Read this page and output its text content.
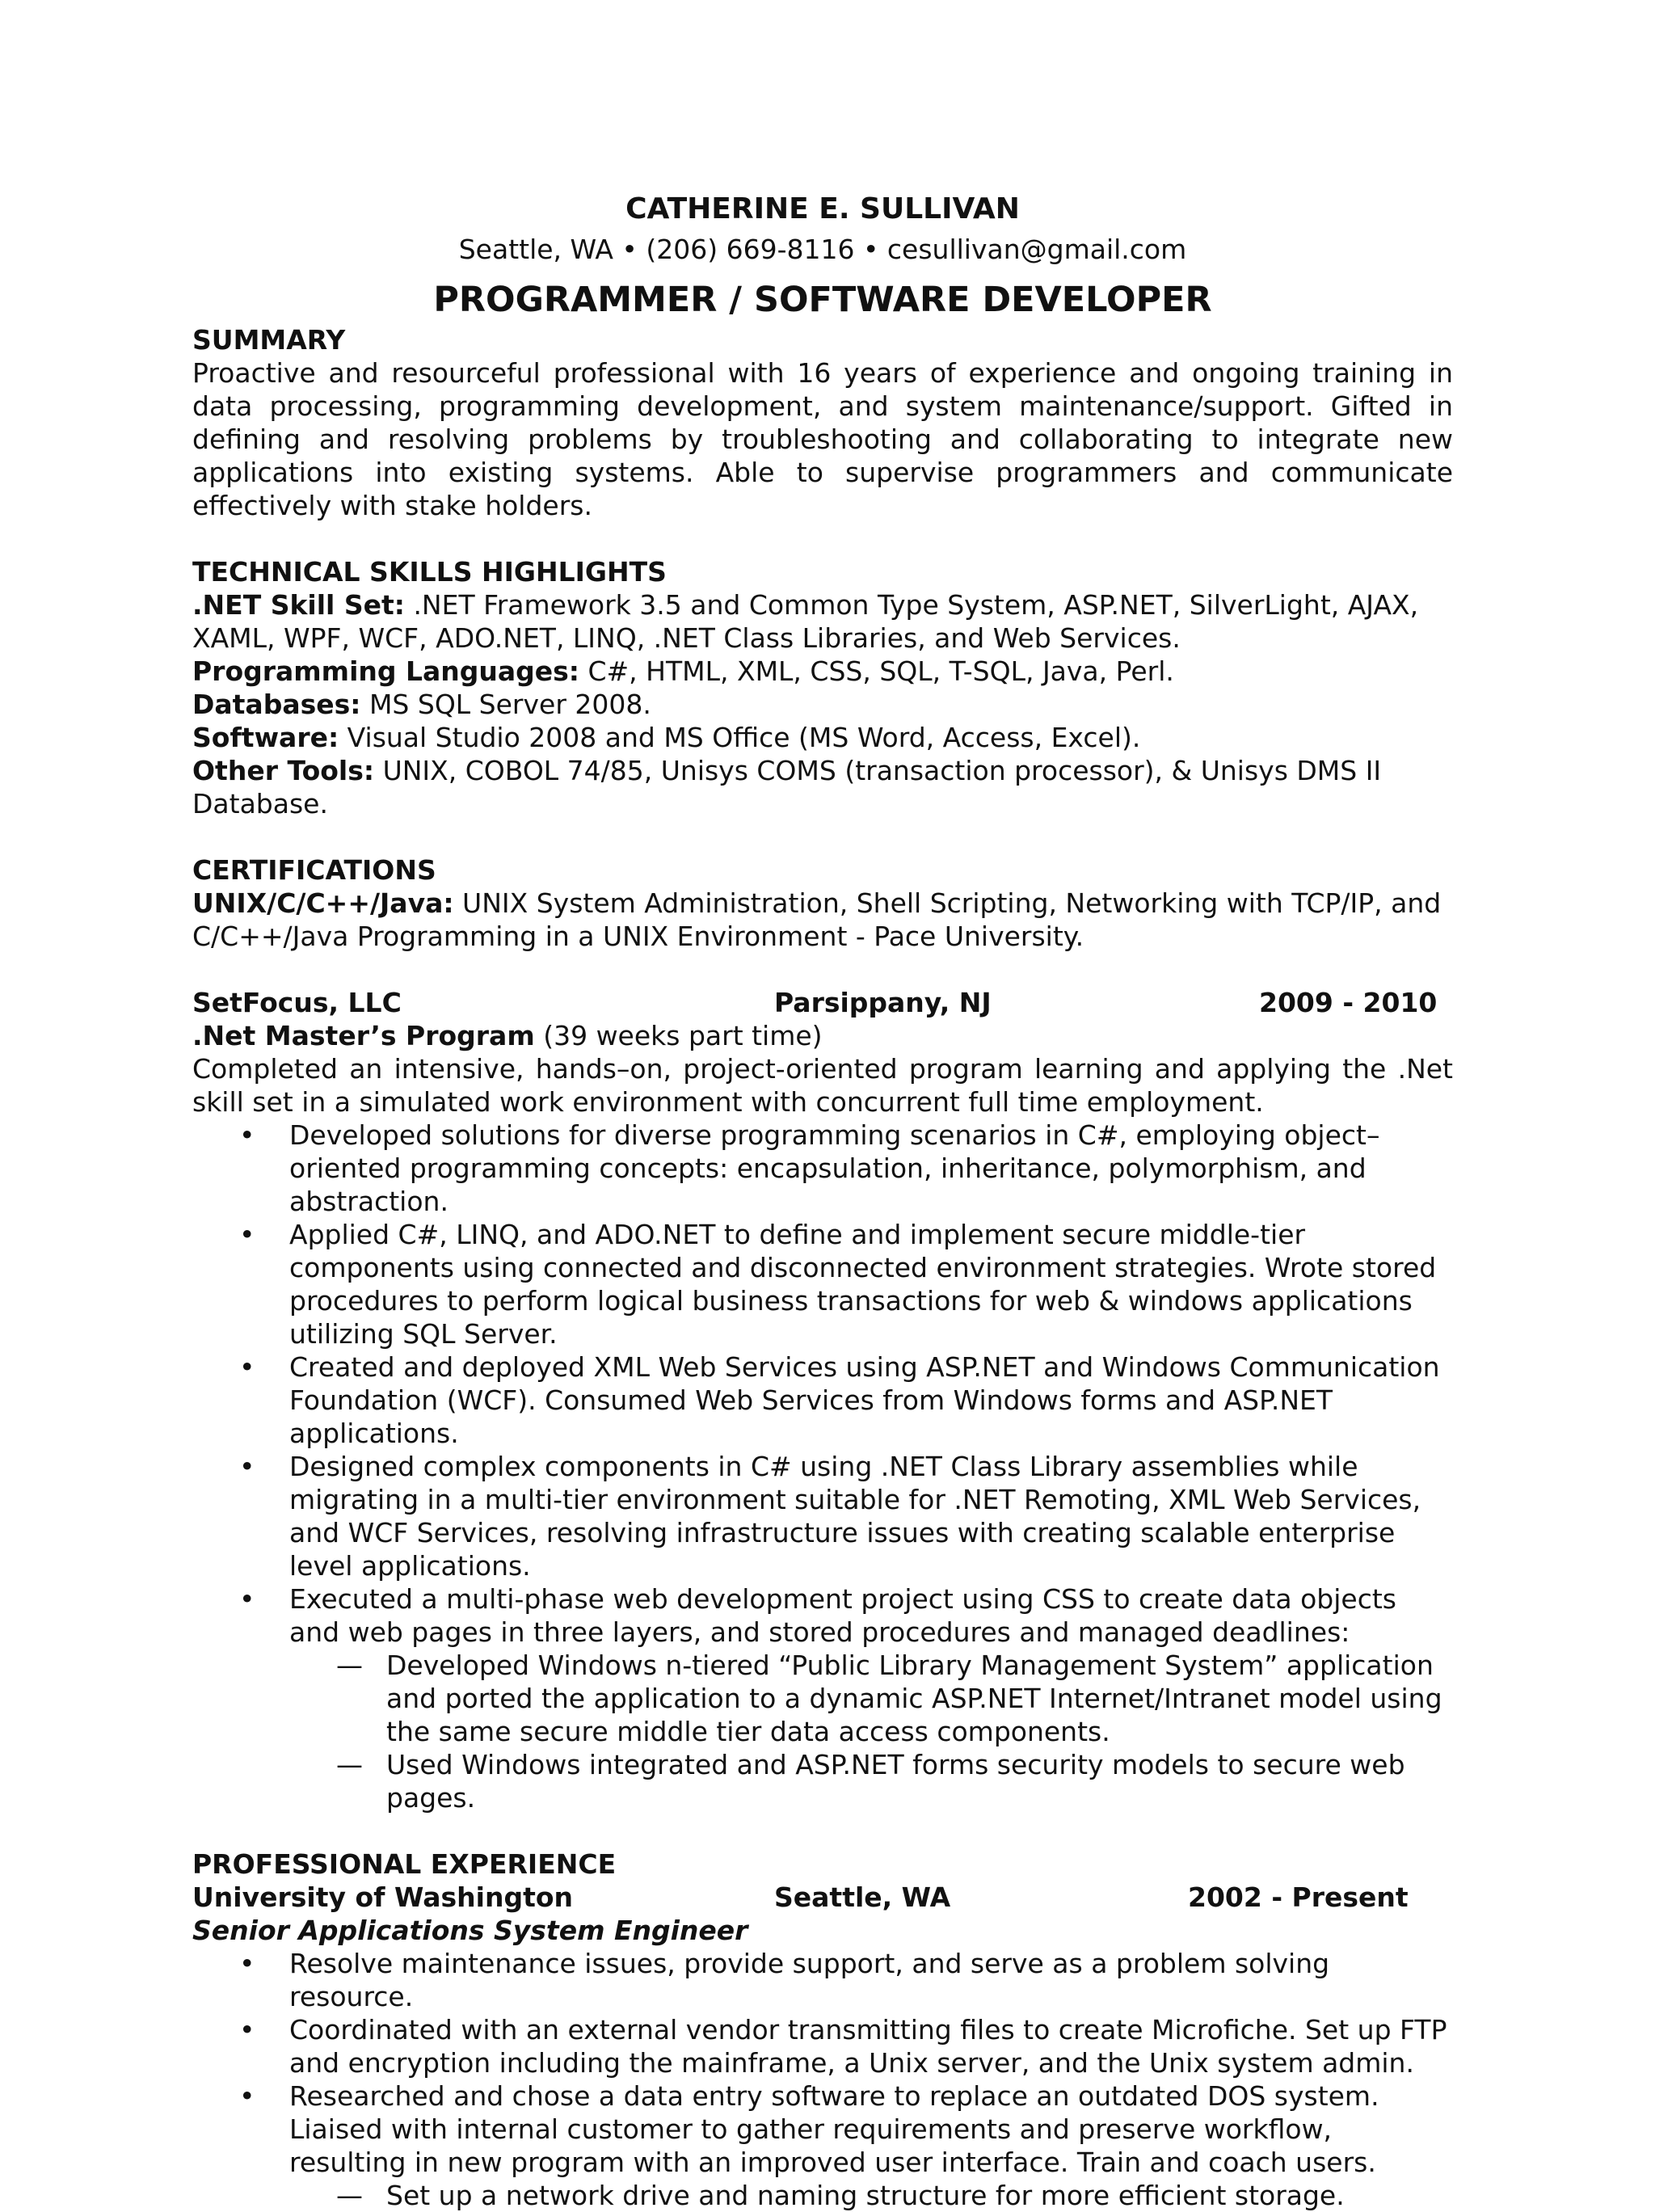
CATHERINE E. SULLIVAN
Seattle, WA • (206) 669-8116 • cesullivan@gmail.com
PROGRAMMER / SOFTWARE DEVELOPER
SUMMARY
Proactive and resourceful professional with 16 years of experience and ongoing training in data processing, programming development, and system maintenance/support. Gifted in defining and resolving problems by troubleshooting and collaborating to integrate new applications into existing systems. Able to supervise programmers and communicate effectively with stake holders.
TECHNICAL SKILLS HIGHLIGHTS
.NET Skill Set: .NET Framework 3.5 and Common Type System, ASP.NET, SilverLight, AJAX, XAML, WPF, WCF, ADO.NET, LINQ, .NET Class Libraries, and Web Services.
Programming Languages: C#, HTML, XML, CSS, SQL, T-SQL, Java, Perl.
Databases: MS SQL Server 2008.
Software: Visual Studio 2008 and MS Office (MS Word, Access, Excel).
Other Tools: UNIX, COBOL 74/85, Unisys COMS (transaction processor), & Unisys DMS II Database.
CERTIFICATIONS
UNIX/C/C++/Java: UNIX System Administration, Shell Scripting, Networking with TCP/IP, and C/C++/Java Programming in a UNIX Environment - Pace University.
SetFocus, LLC	Parsippany, NJ	2009 - 2010
.Net Master’s Program (39 weeks part time)
Completed an intensive, hands–on, project-oriented program learning and applying the .Net skill set in a simulated work environment with concurrent full time employment.
• Developed solutions for diverse programming scenarios in C#, employing object–oriented programming concepts: encapsulation, inheritance, polymorphism, and abstraction.
• Applied C#, LINQ, and ADO.NET to define and implement secure middle-tier components using connected and disconnected environment strategies. Wrote stored procedures to perform logical business transactions for web & windows applications utilizing SQL Server.
• Created and deployed XML Web Services using ASP.NET and Windows Communication Foundation (WCF). Consumed Web Services from Windows forms and ASP.NET applications.
• Designed complex components in C# using .NET Class Library assemblies while migrating in a multi-tier environment suitable for .NET Remoting, XML Web Services, and WCF Services, resolving infrastructure issues with creating scalable enterprise level applications.
• Executed a multi-phase web development project using CSS to create data objects and web pages in three layers, and stored procedures and managed deadlines:
— Developed Windows n-tiered “Public Library Management System” application and ported the application to a dynamic ASP.NET Internet/Intranet model using the same secure middle tier data access components.
— Used Windows integrated and ASP.NET forms security models to secure web pages.
PROFESSIONAL EXPERIENCE
University of Washington	Seattle, WA	2002 - Present
Senior Applications System Engineer
• Resolve maintenance issues, provide support, and serve as a problem solving resource.
• Coordinated with an external vendor transmitting files to create Microfiche. Set up FTP and encryption including the mainframe, a Unix server, and the Unix system admin.
• Researched and chose a data entry software to replace an outdated DOS system.
Liaised with internal customer to gather requirements and preserve workflow, resulting in new program with an improved user interface. Train and coach users.
— Set up a network drive and naming structure for more efficient storage.
